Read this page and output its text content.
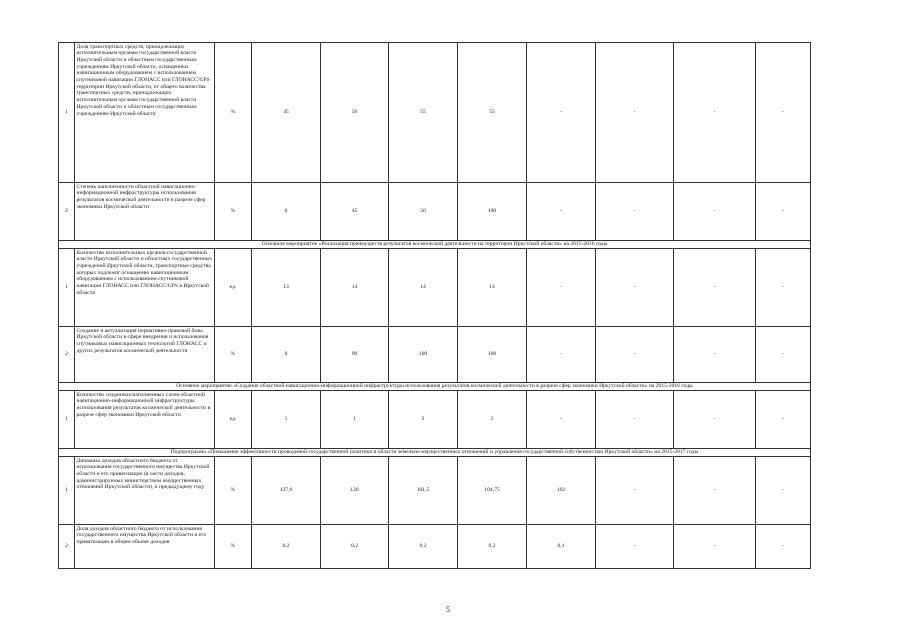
1	Доля транспортных средств, принадлежащих исполнительным органам государственной власти Иркутской области и областным государственным учреждениям Иркутской области, оснащенных навигационным оборудованием с использованием спутниковой навигации ГЛОНАСС или ГЛОНАСС/GPS территории Иркутской области, от общего количества транспортных средств, принадлежащих исполнительным органам государственной власти Иркутской области и областным государственным учреждениям Иркутской области	%	45	50	55	55	-	-	-	-
2	Степень наполненности областной навигационно-информационной инфраструктуры использования результатов космической деятельности в разрезе сфер экономики Иркутской области	%	0	45	50	100	-	-	-	-
Основное мероприятие «Реализация преимуществ результатов космической деятельности на территории Иркутской области» на 2015-2016 годы										
1	Количество исполнительных органов государственной власти Иркутской области и областных государственных учреждений Иркутской области, транспортные средства которых подлежат оснащению навигационным оборудованием с использованием спутниковой навигации ГЛОНАСС или ГЛОНАСС/GPS в Иркутской области	ед.	13	14	14	14	-	-	-	-
2	Создание и актуализация нормативно-правовой базы Иркутской области в сфере внедрения и использования спутниковых навигационных технологий ГЛОНАСС и других результатов космической деятельности	%	0	90	100	100	-	-	-	-
Основное мероприятие «Создание областной навигационно-информационной инфраструктуры использования результатов космической деятельности в разрезе сфер экономики Иркутской области» на 2015-2016 годы										
1	Количество созданных/наполненных слоев областной навигационно-информационной инфраструктуры использования результатов космической деятельности в разрезе сфер экономики Иркутской области	ед.	1	1	2	2	-	-	-	-
Подпрограмма «Повышение эффективности проводимой государственной политики в области земельно-имущественных отношений и управления государственной собственностью Иркутской области» на 2015-2017 годы										
1	Динамика доходов областного бюджета от использования государственного имущества Иркутской области и его приватизации (в части доходов, администрируемых министерством имущественных отношений Иркутской области), к предыдущему году	%	137,6	120	101,5	104,75	102	-	-	-
2	Доля доходов областного бюджета от использования государственного имущества Иркутской области и его приватизации в общем объеме доходов	%	0,2	0,2	0,2	0,2	0,1	-	-	-
5
